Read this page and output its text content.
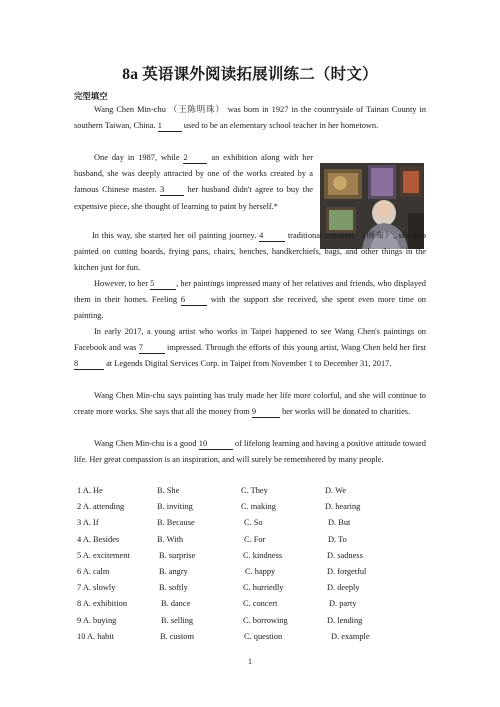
8a 英语课外阅读拓展训练二（时文）
完型填空
Wang Chen Min-chu （王陈明珠） was born in 1927 in the countryside of Tainan County in southern Taiwan, China. 1 used to be an elementary school teacher in her hometown.
One day in 1987, while 2 an exhibition along with her husband, she was deeply attracted by one of the works created by a famous Chinese master. 3 her husband didn't agree to buy the expensive piece, she thought of learning to paint by herself.*
In this way, she started her oil painting journey. 4	traditional canvases （画布）, she also painted on cutting boards, frying pans, chairs, benches, handkerchiefs, bags, and other things in the kitchen just for fun.
However, to her 5	, her paintings impressed many of her relatives and friends, who displayed them in their homes. Feeling 6	with the support she received, she spent even more time on painting.
In early 2017, a young artist who works in Taipei happened to see Wang Chen's paintings on Facebook and was 7	impressed. Through the efforts of this young artist, Wang Chen held her first 8	at Legends Digital Services Corp. in Taipei from November 1 to December 31, 2017.
Wang Chen Min-chu says painting has truly made her life more colorful, and she will continue to create more works. She says that all the money from 9	her works will be donated to charities.
Wang Chen Min-chu is a good 10	of lifelong learning and having a positive attitude toward life. Her great compassion is an inspiration, and will surely be remembered by many people.
1 A. He	B. She	C. They	D. We
2 A. attending	B. inviting	C. making	D. hearing
3 A. If	B. Because	C. So	D. But
4 A. Besides	B. With	C. For	D. To
5 A. excitement	B. surprise	C. kindness	D. sadness
6 A. calm	B. angry	C. happy	D. forgetful
7 A. slowly	B. softly	C. hurriedly	D. deeply
8 A. exhibition	B. dance	C. concert	D. party
9 A. buying	B. selling	C. borrowing	D. lending
10 A. habit	B. custom	C. question	D. example
1
